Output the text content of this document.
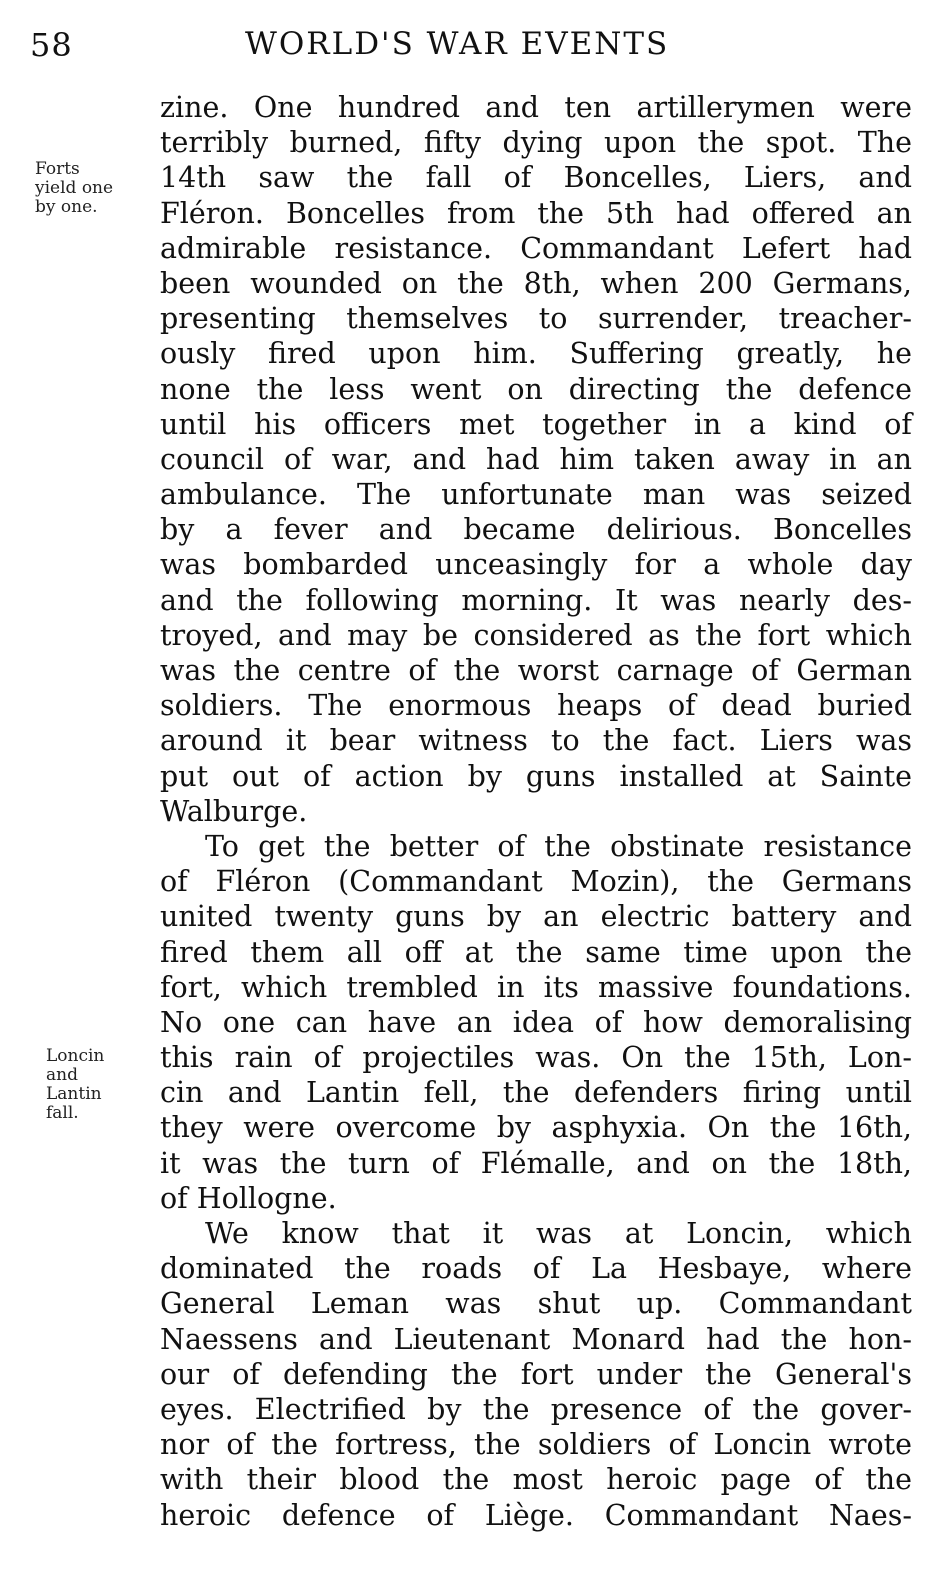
58	WORLD'S WAR EVENTS
Forts
yield one
by one.
Loncin
and
Lantin
fall.
zine. One hundred and ten artillerymen were
terribly burned, fifty dying upon the spot. The
14th saw the fall of Boncelles, Liers, and
Fléron. Boncelles from the 5th had offered an
admirable resistance. Commandant Lefert had
been wounded on the 8th, when 200 Germans,
presenting themselves to surrender, treacher-
ously fired upon him. Suffering greatly, he
none the less went on directing the defence
until his officers met together in a kind of
council of war, and had him taken away in an
ambulance. The unfortunate man was seized
by a fever and became delirious. Boncelles
was bombarded unceasingly for a whole day
and the following morning. It was nearly des-
troyed, and may be considered as the fort which
was the centre of the worst carnage of German
soldiers. The enormous heaps of dead buried
around it bear witness to the fact. Liers was
put out of action by guns installed at Sainte
Walburge.
To get the better of the obstinate resistance
of Fléron (Commandant Mozin), the Germans
united twenty guns by an electric battery and
fired them all off at the same time upon the
fort, which trembled in its massive foundations.
No one can have an idea of how demoralising
this rain of projectiles was. On the 15th, Lon-
cin and Lantin fell, the defenders firing until
they were overcome by asphyxia. On the 16th,
it was the turn of Flémalle, and on the 18th,
of Hollogne.
We know that it was at Loncin, which
dominated the roads of La Hesbaye, where
General Leman was shut up. Commandant
Naessens and Lieutenant Monard had the hon-
our of defending the fort under the General's
eyes. Electrified by the presence of the gover-
nor of the fortress, the soldiers of Loncin wrote
with their blood the most heroic page of the
heroic defence of Liège. Commandant Naes-
